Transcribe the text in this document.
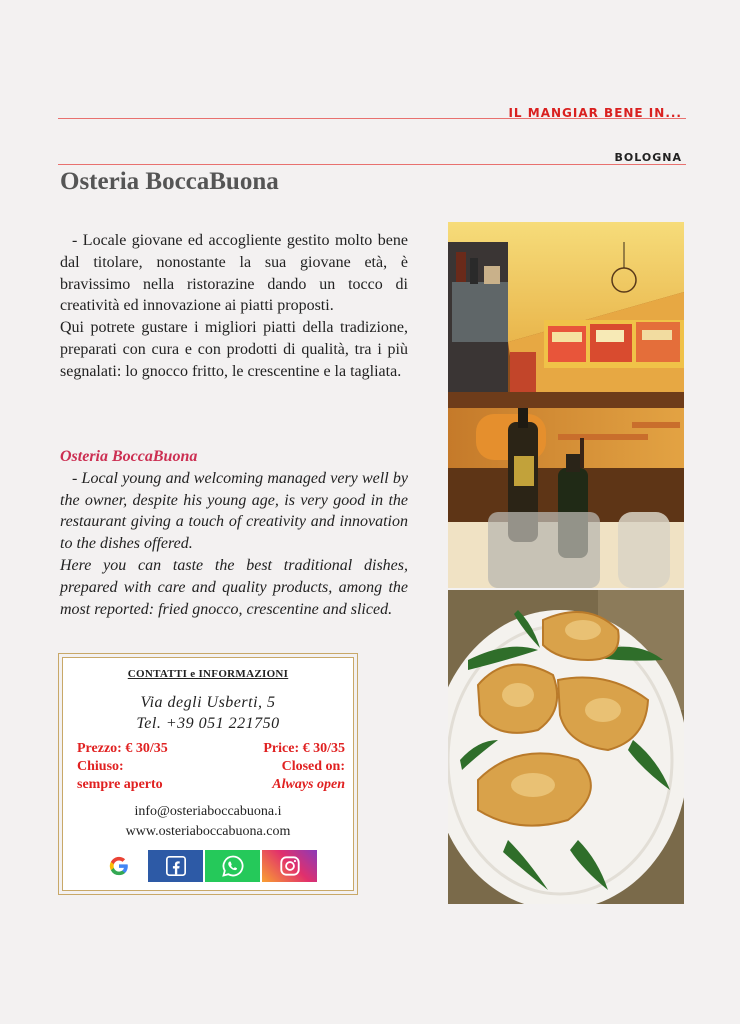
IL MANGIAR BENE IN...
BOLOGNA
Osteria BoccaBuona

- Locale giovane ed accogliente gestito molto bene dal titolare, nonostante la sua giovane età, è bravissimo nella ristorazine dando un tocco di creatività ed innovazione ai piatti proposti.

Qui potrete gustare i migliori piatti della tradizione, preparati con cura e con prodotti di qualità, tra i più segnalati: lo gnocco fritto, le crescentine e la tagliata.

Osteria BoccaBuona

- Local young and welcoming managed very well by the owner, despite his young age, is very good in the restaurant giving a touch of creativity and innovation to the dishes offered.

Here you can taste the best traditional dishes, prepared with care and quality products, among the most reported: fried gnocco, crescentine and sliced.

CONTATTI e INFORMAZIONI
Via degli Usberti, 5
Tel. +39 051 221750
Prezzo: € 30/35
Chiuso:
sempre aperto
Price: € 30/35
Closed on:
Always open
info@osteriaboccabuona.i
www.osteriaboccabuona.com
